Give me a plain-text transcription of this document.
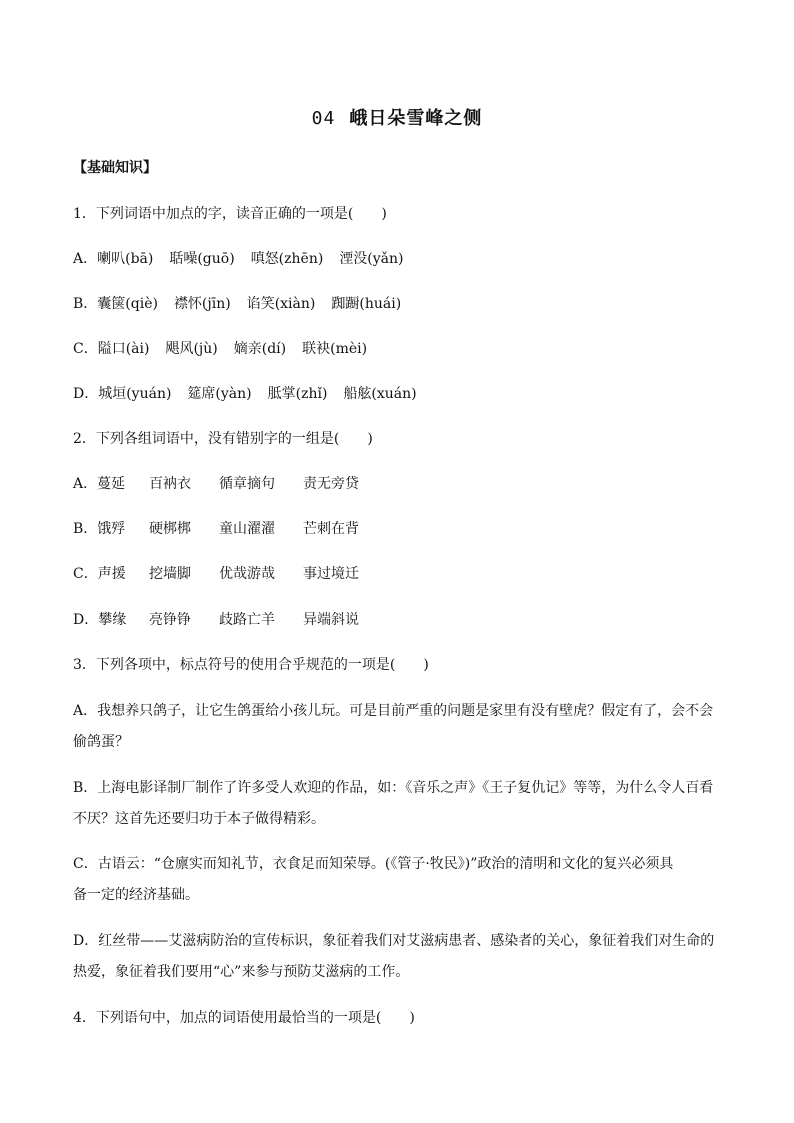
04 峨日朵雪峰之侧
【基础知识】
1．下列词语中加点的字，读音正确的一项是(　　)
A．喇叭(bā) 聒噪(guō) 嗔怒(zhēn) 湮没(yǎn)
B．囊箧(qiè) 襟怀(jīn) 谄笑(xiàn) 踟蹰(huái)
C．隘口(ài) 飓风(jù) 嫡亲(dí) 联袂(mèi)
D．城垣(yuán) 筵席(yàn) 胝掌(zhǐ) 船舷(xuán)
2．下列各组词语中，没有错别字的一组是(　　)
A．蔓延 百衲衣 循章摘句 责无旁贷
B．饿殍 硬梆梆 童山濯濯 芒刺在背
C．声援 挖墙脚 优哉游哉 事过境迁
D．攀缘 亮铮铮 歧路亡羊 异端斜说
3．下列各项中，标点符号的使用合乎规范的一项是(　　)
A．我想养只鸽子，让它生鸽蛋给小孩儿玩。可是目前严重的问题是家里有没有壁虎？假定有了，会不会
偷鸽蛋？
B．上海电影译制厂制作了许多受人欢迎的作品，如：《音乐之声》《王子复仇记》等等，为什么令人百看
不厌？这首先还要归功于本子做得精彩。
C．古语云：“仓廪实而知礼节，衣食足而知荣辱。(《管子·牧民》)”政治的清明和文化的复兴必须具
备一定的经济基础。
D．红丝带——艾滋病防治的宣传标识，象征着我们对艾滋病患者、感染者的关心，象征着我们对生命的
热爱，象征着我们要用“心”来参与预防艾滋病的工作。
4．下列语句中，加点的词语使用最恰当的一项是(　　)
